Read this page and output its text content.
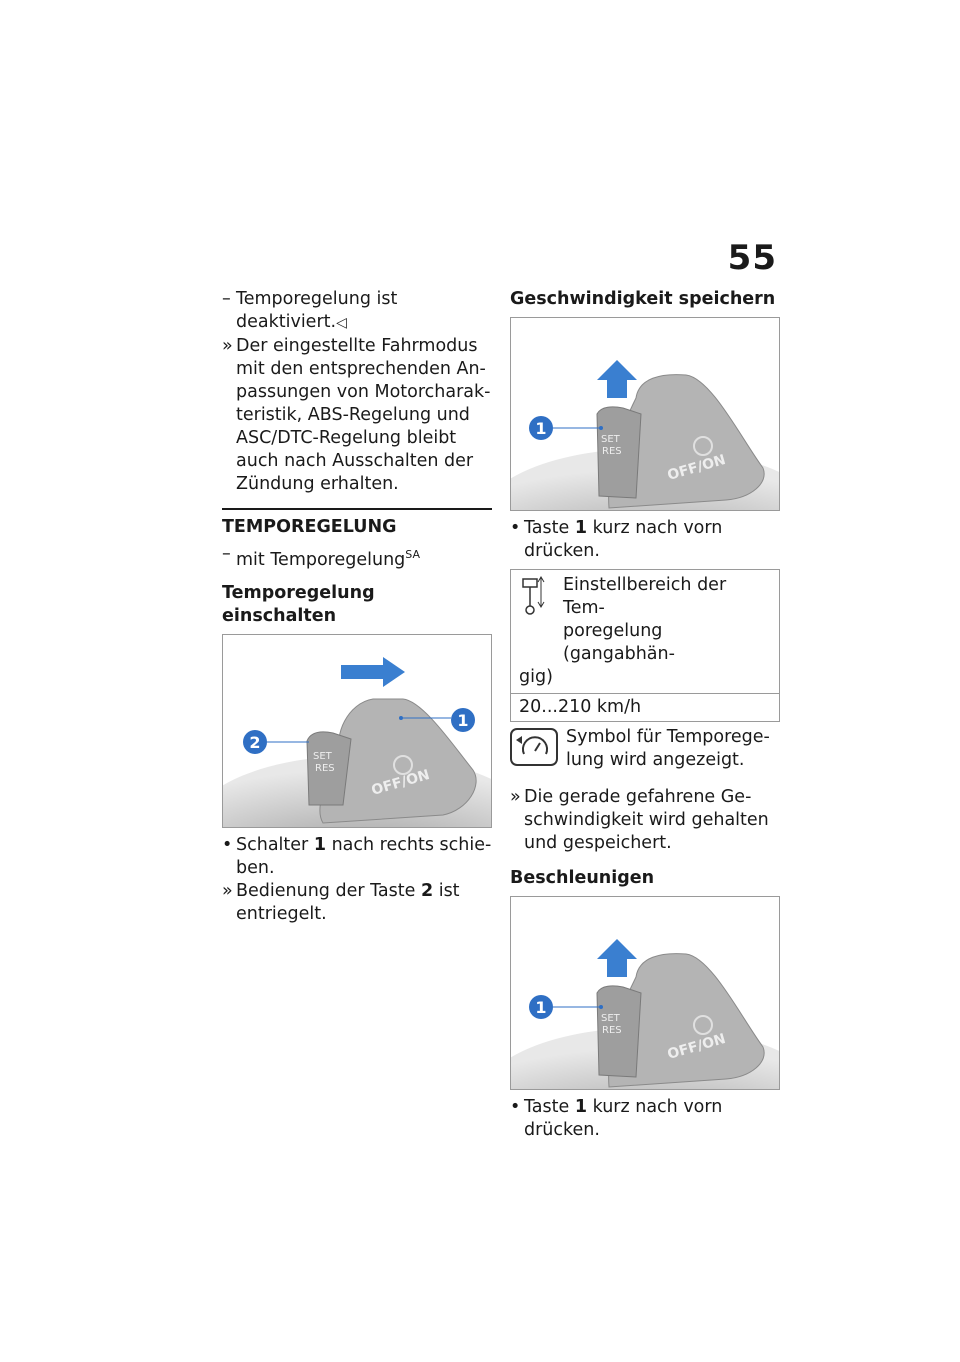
55
– Temporegelung ist
deaktiviert.◁
» Der eingestellte Fahrmodus
mit den entsprechenden An-
passungen von Motorcharak-
teristik, ABS-Regelung und
ASC/DTC-Regelung bleibt
auch nach Ausschalten der
Zündung erhalten.
TEMPOREGELUNG
– mit Temporegelung$^{SA}$
Temporegelung einschalten
1
2
SET
RES	OFF/ON
• Schalter 1 nach rechts schie-
ben.
» Bedienung der Taste 2 ist
entriegelt.
Geschwindigkeit speichern
1
SET
RES
OFF/ON
• Taste 1 kurz nach vorn
drücken.
Einstellbereich der Tem-
poregelung (gangabhän-
gig)
20...210 km/h
Symbol für Temporege-
lung wird angezeigt.
» Die gerade gefahrene Ge-
schwindigkeit wird gehalten
und gespeichert.
Beschleunigen
1
SET
RES
OFF/ON
• Taste 1 kurz nach vorn
drücken.
